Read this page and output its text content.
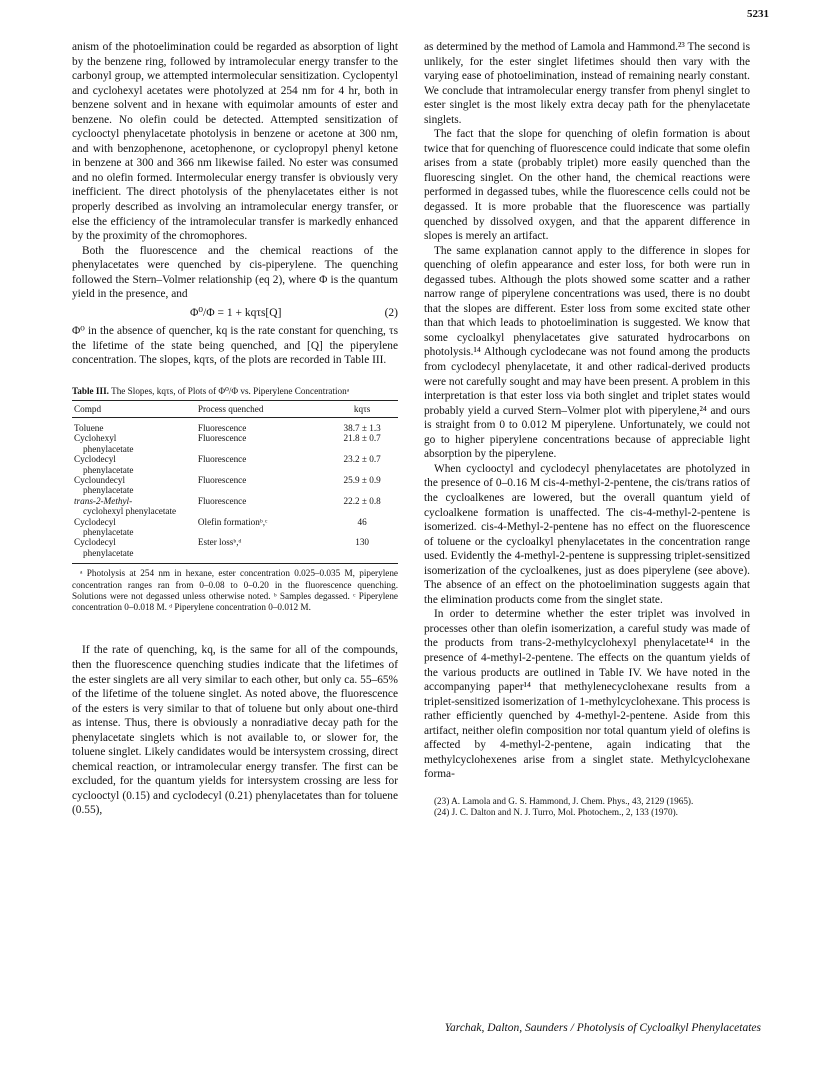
5231

anism of the photoelimination could be regarded as absorption of light by the benzene ring, followed by intramolecular energy transfer to the carbonyl group, we attempted intermolecular sensitization. Cyclopentyl and cyclohexyl acetates were photolyzed at 254 nm for 4 hr, both in benzene solvent and in hexane with equimolar amounts of ester and benzene. No olefin could be detected. Attempted sensitization of cyclooctyl phenylacetate photolysis in benzene or acetone at 300 nm, and with benzophenone, acetophenone, or cyclopropyl phenyl ketone in benzene at 300 and 366 nm likewise failed. No ester was consumed and no olefin formed. Intermolecular energy transfer is obviously very inefficient. The direct photolysis of the phenylacetates either is not properly described as involving an intramolecular energy transfer, or else the efficiency of the intramolecular transfer is markedly enhanced by the proximity of the chromophores.

Both the fluorescence and the chemical reactions of the phenylacetates were quenched by cis-piperylene. The quenching followed the Stern–Volmer relationship (eq 2), where Φ is the quantum yield in the presence, and

Φ⁰/Φ = 1 + kqτs[Q]	(2)

Φ⁰ in the absence of quencher, kq is the rate constant for quenching, τs the lifetime of the state being quenched, and [Q] the piperylene concentration. The slopes, kqτs, of the plots are recorded in Table III.

Table III. The Slopes, kqτs, of Plots of Φ⁰/Φ vs. Piperylene Concentrationᵃ
Compd	Process quenched	kqτs
Toluene	Fluorescence	38.7 ± 1.3
Cyclohexyl
phenylacetate	Fluorescence	21.8 ± 0.7
Cyclodecyl
phenylacetate	Fluorescence	23.2 ± 0.7
Cycloundecyl
phenylacetate	Fluorescence	25.9 ± 0.9
trans-2-Methyl-
cyclohexyl phenylacetate	Fluorescence	22.2 ± 0.8
Cyclodecyl
phenylacetate	Olefin formationᵇ,ᶜ	46
Cyclodecyl
phenylacetate	Ester lossᵇ,ᵈ	130
ᵃ Photolysis at 254 nm in hexane, ester concentration 0.025–0.035 M, piperylene concentration ranges ran from 0–0.08 to 0–0.20 in the fluorescence quenching. Solutions were not degassed unless otherwise noted. ᵇ Samples degassed. ᶜ Piperylene concentration 0–0.018 M. ᵈ Piperylene concentration 0–0.012 M.

If the rate of quenching, kq, is the same for all of the compounds, then the fluorescence quenching studies indicate that the lifetimes of the ester singlets are all very similar to each other, but only ca. 55–65% of the lifetime of the toluene singlet. As noted above, the fluorescence of the esters is very similar to that of toluene but only about one-third as intense. Thus, there is obviously a nonradiative decay path for the phenylacetate singlets which is not available to, or slower for, the toluene singlet. Likely candidates would be intersystem crossing, direct chemical reaction, or intramolecular energy transfer. The first can be excluded, for the quantum yields for intersystem crossing are less for cyclooctyl (0.15) and cyclodecyl (0.21) phenylacetates than for toluene (0.55),

as determined by the method of Lamola and Hammond.²³ The second is unlikely, for the ester singlet lifetimes should then vary with the varying ease of photoelimination, instead of remaining nearly constant. We conclude that intramolecular energy transfer from phenyl singlet to ester singlet is the most likely extra decay path for the phenylacetate singlets.

The fact that the slope for quenching of olefin formation is about twice that for quenching of fluorescence could indicate that some olefin arises from a state (probably triplet) more easily quenched than the fluorescing singlet. On the other hand, the chemical reactions were performed in degassed tubes, while the fluorescence cells could not be degassed. It is more probable that the fluorescence was partially quenched by dissolved oxygen, and that the apparent difference in slopes is merely an artifact.

The same explanation cannot apply to the difference in slopes for quenching of olefin appearance and ester loss, for both were run in degassed tubes. Although the plots showed some scatter and a rather narrow range of piperylene concentrations was used, there is no doubt that the slopes are different. Ester loss from some excited state other than that which leads to photoelimination is suggested. We know that some cycloalkyl phenylacetates give saturated hydrocarbons on photolysis.¹⁴ Although cyclodecane was not found among the products from cyclodecyl phenylacetate, it and other radical-derived products were not carefully sought and may have been present. A problem in this interpretation is that ester loss via both singlet and triplet states would probably yield a curved Stern–Volmer plot with piperylene,²⁴ and ours is straight from 0 to 0.012 M piperylene. Unfortunately, we could not go to higher piperylene concentrations because of appreciable light absorption by the piperylene.

When cyclooctyl and cyclodecyl phenylacetates are photolyzed in the presence of 0–0.16 M cis-4-methyl-2-pentene, the cis/trans ratios of the cycloalkenes are lowered, but the overall quantum yield of cycloalkene formation is unaffected. The cis-4-methyl-2-pentene is isomerized. cis-4-Methyl-2-pentene has no effect on the fluorescence of toluene or the cycloalkyl phenylacetates in the concentration range used. Evidently the 4-methyl-2-pentene is suppressing triplet-sensitized isomerization of the cycloalkenes, just as does piperylene (see above). The absence of an effect on the photoelimination suggests again that the elimination products come from the singlet state.

In order to determine whether the ester triplet was involved in processes other than olefin isomerization, a careful study was made of the products from trans-2-methylcyclohexyl phenylacetate¹⁴ in the presence of 4-methyl-2-pentene. The effects on the quantum yields of the various products are outlined in Table IV. We have noted in the accompanying paper¹⁴ that methylenecyclohexane results from a triplet-sensitized isomerization of 1-methylcyclohexane. This process is rather efficiently quenched by 4-methyl-2-pentene. Aside from this artifact, neither olefin composition nor total quantum yield of olefins is affected by 4-methyl-2-pentene, again indicating that the methylcyclohexenes arise from a singlet state. Methylcyclohexane forma-

(23) A. Lamola and G. S. Hammond, J. Chem. Phys., 43, 2129 (1965).
(24) J. C. Dalton and N. J. Turro, Mol. Photochem., 2, 133 (1970).
Yarchak, Dalton, Saunders / Photolysis of Cycloalkyl Phenylacetates
